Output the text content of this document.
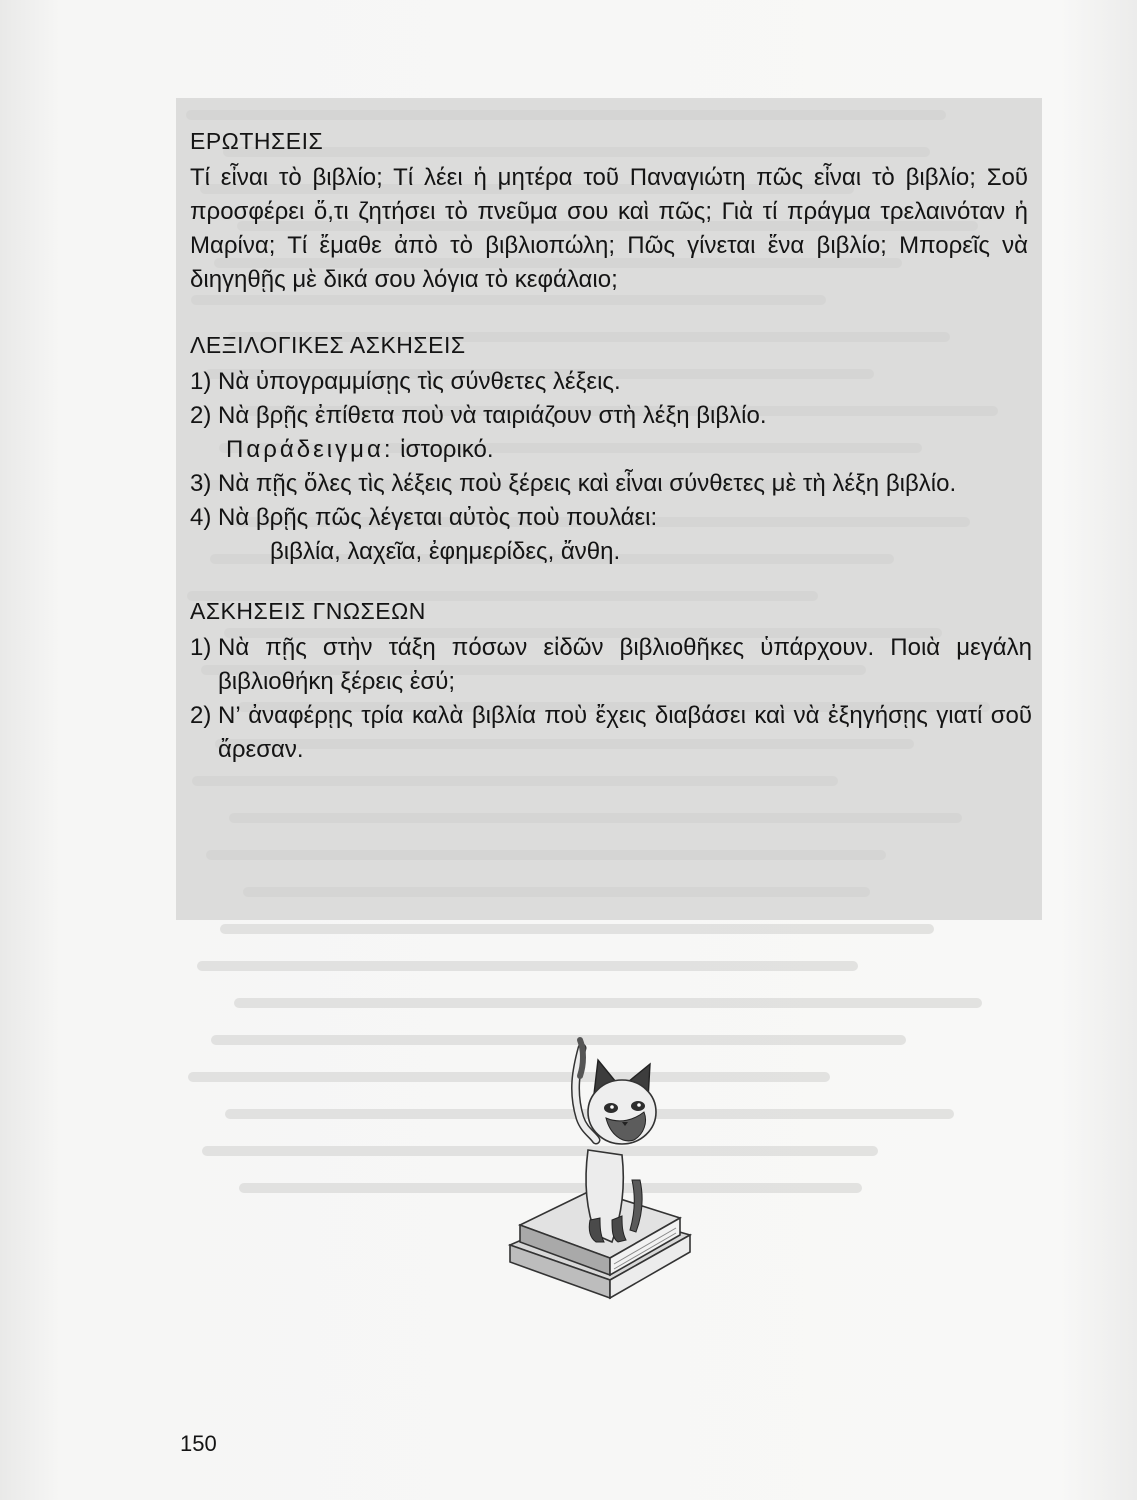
ΕΡΩΤΗΣΕΙΣ

Τί εἶναι τὸ βιβλίο; Τί λέει ἡ μητέρα τοῦ Παναγιώτη πῶς εἶναι τὸ βιβλίο; Σοῦ προσφέρει ὅ,τι ζητήσει τὸ πνεῦμα σου καὶ πῶς; Γιὰ τί πράγμα τρελαινόταν ἡ Μαρίνα; Τί ἔμαθε ἀπὸ τὸ βιβλιοπώλη; Πῶς γίνεται ἕνα βιβλίο; Μπορεῖς νὰ διηγηθῇς μὲ δικά σου λόγια τὸ κεφάλαιο;

ΛΕΞΙΛΟΓΙΚΕΣ ΑΣΚΗΣΕΙΣ
1) Νὰ ὑπογραμμίσῃς τὶς σύνθετες λέξεις.
2) Νὰ βρῇς ἐπίθετα ποὺ νὰ ταιριάζουν στὴ λέξη βιβλίο.
Παράδειγμα: ἱστορικό.
3) Νὰ πῇς ὅλες τὶς λέξεις ποὺ ξέρεις καὶ εἶναι σύνθετες μὲ τὴ λέξη βιβλίο.
4) Νὰ βρῇς πῶς λέγεται αὐτὸς ποὺ πουλάει:
βιβλία, λαχεῖα, ἐφημερίδες, ἄνθη.
ΑΣΚΗΣΕΙΣ ΓΝΩΣΕΩΝ
1) Νὰ πῇς στὴν τάξη πόσων εἰδῶν βιβλιοθῆκες ὑπάρχουν. Ποιὰ μεγάλη βιβλιοθήκη ξέρεις ἐσύ;
2) Ν’ ἀναφέρῃς τρία καλὰ βιβλία ποὺ ἔχεις διαβάσει καὶ νὰ ἐξηγήσῃς γιατί σοῦ ἄρεσαν.
150
